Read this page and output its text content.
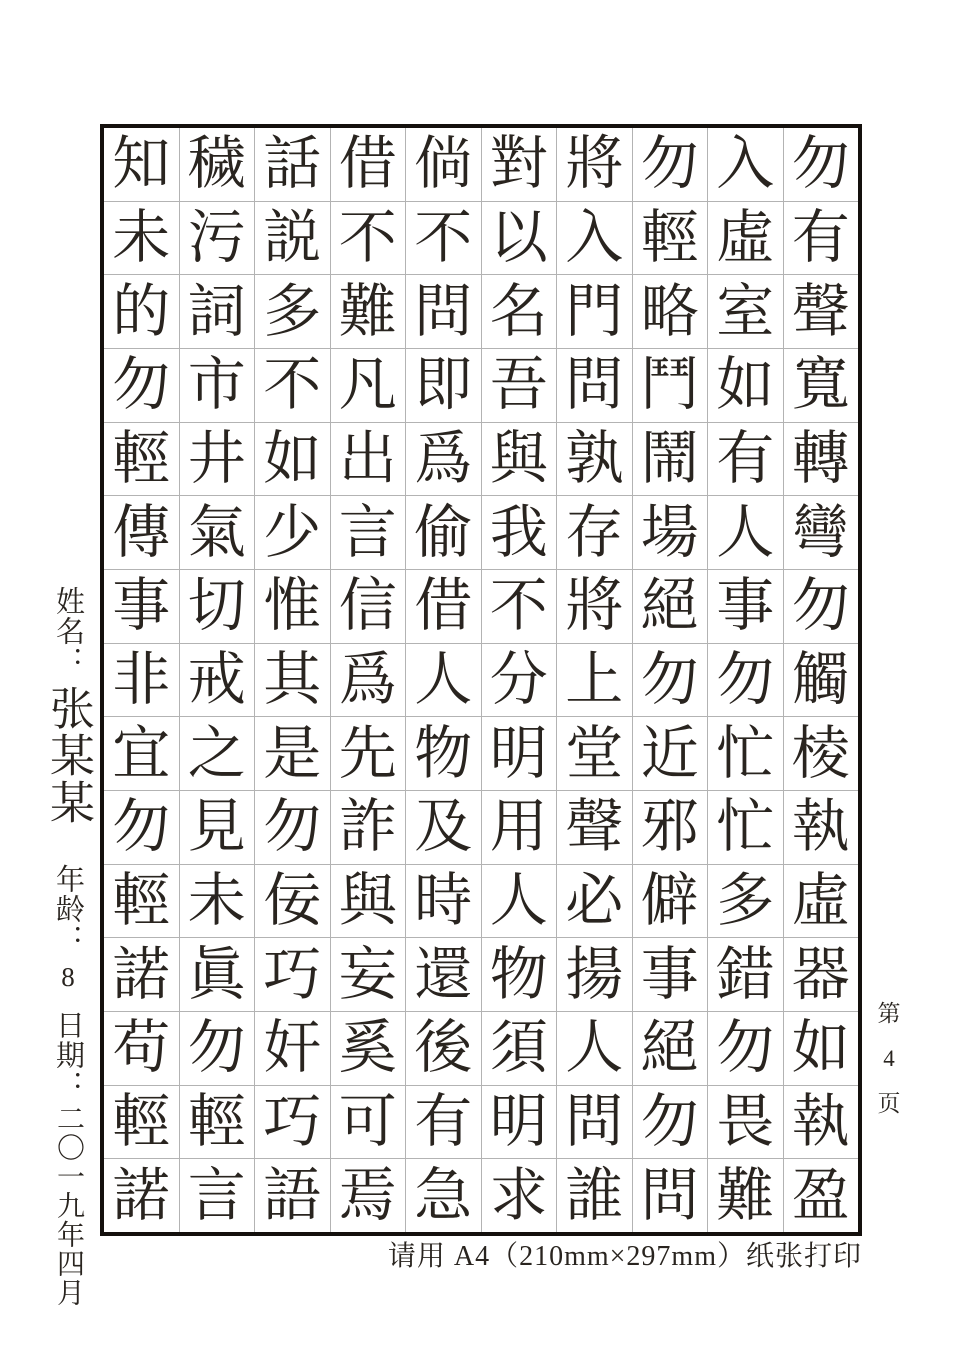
姓名：张某某年龄：8日期：二〇一九年四月
知 穢 話 借 倘 對 將 勿 入 勿
未 污 説 不 不 以 入 輕 虛 有
的 詞 多 難 問 名 門 略 室 聲
勿 市 不 凡 即 吾 問 鬥 如 寬
輕 井 如 出 爲 與 孰 鬧 有 轉
傳 氣 少 言 偷 我 存 場 人 彎
事 切 惟 信 借 不 將 絕 事 勿
非 戒 其 爲 人 分 上 勿 勿 觸
宜 之 是 先 物 明 堂 近 忙 棱
勿 見 勿 詐 及 用 聲 邪 忙 執
輕 未 佞 與 時 人 必 僻 多 虛
諾 眞 巧 妄 還 物 揚 事 錯 器
苟 勿 奸 奚 後 須 人 絕 勿 如
輕 輕 巧 可 有 明 問 勿 畏 執
諾 言 語 焉 急 求 誰 問 難 盈
第
4
页
请用 A4（210mm×297mm）纸张打印
